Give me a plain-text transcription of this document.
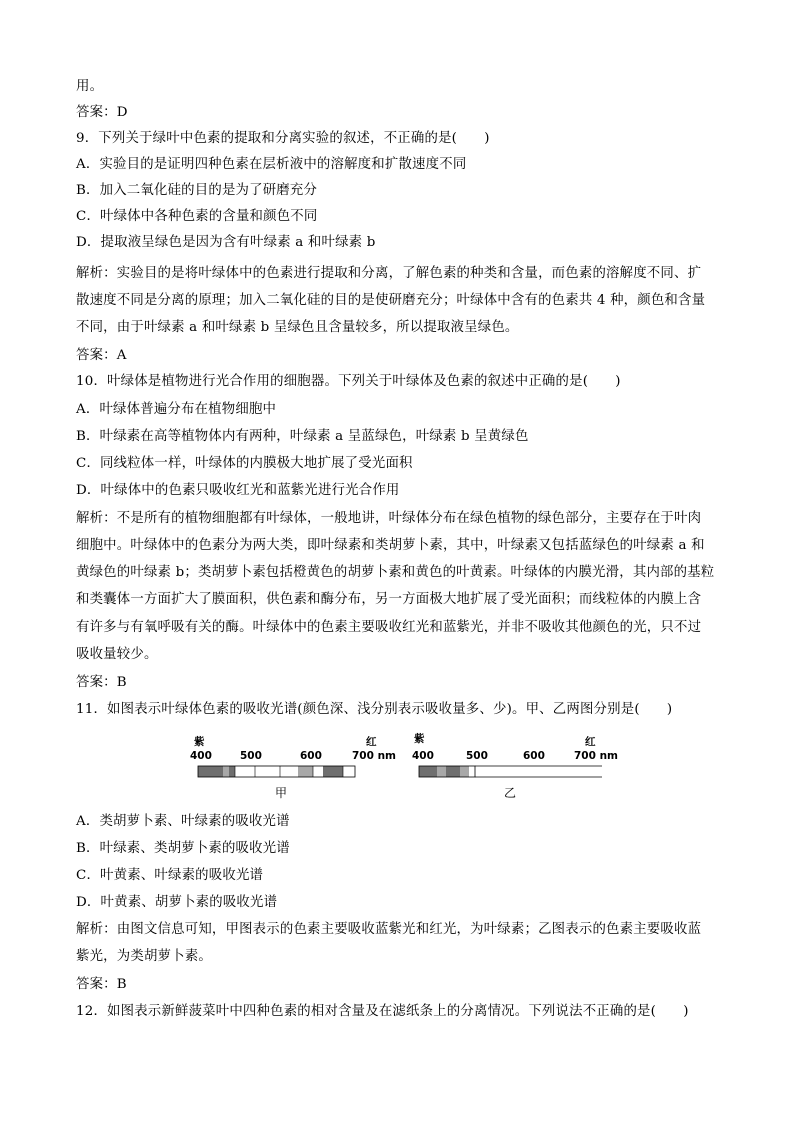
用。
答案：D
9．下列关于绿叶中色素的提取和分离实验的叙述，不正确的是(　　)
A．实验目的是证明四种色素在层析液中的溶解度和扩散速度不同
B．加入二氧化硅的目的是为了研磨充分
C．叶绿体中各种色素的含量和颜色不同
D．提取液呈绿色是因为含有叶绿素 a 和叶绿素 b
解析：实验目的是将叶绿体中的色素进行提取和分离，了解色素的种类和含量，而色素的溶解度不同、扩
散速度不同是分离的原理；加入二氧化硅的目的是使研磨充分；叶绿体中含有的色素共 4 种，颜色和含量
不同，由于叶绿素 a 和叶绿素 b 呈绿色且含量较多，所以提取液呈绿色。
答案：A
10．叶绿体是植物进行光合作用的细胞器。下列关于叶绿体及色素的叙述中正确的是(　　)
A．叶绿体普遍分布在植物细胞中
B．叶绿素在高等植物体内有两种，叶绿素 a 呈蓝绿色，叶绿素 b 呈黄绿色
C．同线粒体一样，叶绿体的内膜极大地扩展了受光面积
D．叶绿体中的色素只吸收红光和蓝紫光进行光合作用
解析：不是所有的植物细胞都有叶绿体，一般地讲，叶绿体分布在绿色植物的绿色部分，主要存在于叶肉
细胞中。叶绿体中的色素分为两大类，即叶绿素和类胡萝卜素，其中，叶绿素又包括蓝绿色的叶绿素 a 和
黄绿色的叶绿素 b；类胡萝卜素包括橙黄色的胡萝卜素和黄色的叶黄素。叶绿体的内膜光滑，其内部的基粒
和类囊体一方面扩大了膜面积，供色素和酶分布，另一方面极大地扩展了受光面积；而线粒体的内膜上含
有许多与有氧呼吸有关的酶。叶绿体中的色素主要吸收红光和蓝紫光，并非不吸收其他颜色的光，只不过
吸收量较少。
答案：B
11．如图表示叶绿体色素的吸收光谱(颜色深、浅分别表示吸收量多、少)。甲、乙两图分别是(　　)
紫	红
400	500	600	700 nm
甲
紫	红
400	500	600	700 nm
乙
A．类胡萝卜素、叶绿素的吸收光谱
B．叶绿素、类胡萝卜素的吸收光谱
C．叶黄素、叶绿素的吸收光谱
D．叶黄素、胡萝卜素的吸收光谱
解析：由图文信息可知，甲图表示的色素主要吸收蓝紫光和红光，为叶绿素；乙图表示的色素主要吸收蓝
紫光，为类胡萝卜素。
答案：B
12．如图表示新鲜菠菜叶中四种色素的相对含量及在滤纸条上的分离情况。下列说法不正确的是(　　)
